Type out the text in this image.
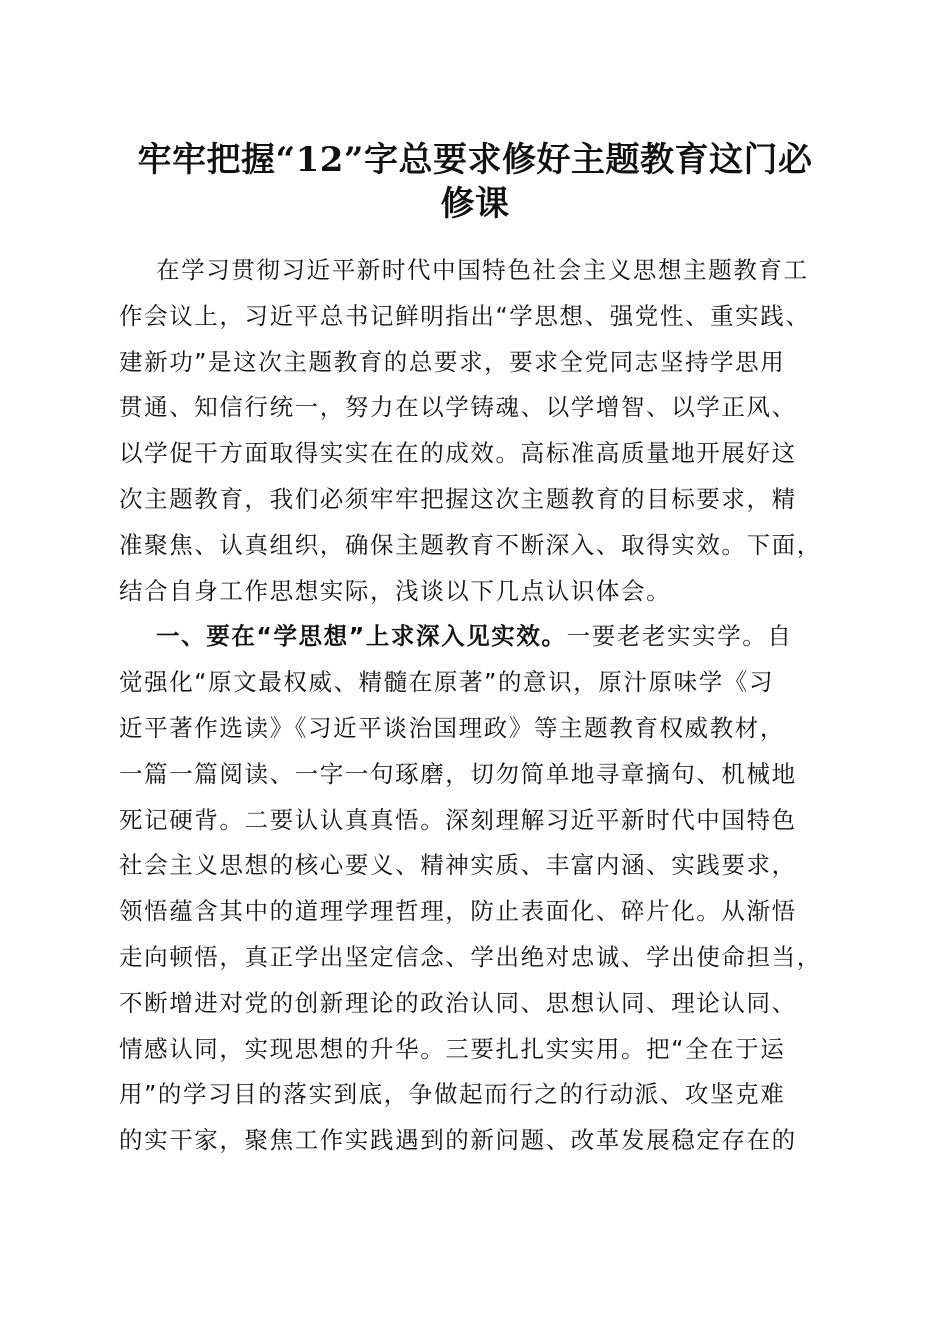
牢牢把握“12”字总要求修好主题教育这门必
修课
在学习贯彻习近平新时代中国特色社会主义思想主题教育工
作会议上，习近平总书记鲜明指出“学思想、强党性、重实践、
建新功”是这次主题教育的总要求，要求全党同志坚持学思用
贯通、知信行统一，努力在以学铸魂、以学增智、以学正风、
以学促干方面取得实实在在的成效。高标准高质量地开展好这
次主题教育，我们必须牢牢把握这次主题教育的目标要求，精
准聚焦、认真组织，确保主题教育不断深入、取得实效。下面，
结合自身工作思想实际，浅谈以下几点认识体会。
一、要在“学思想”上求深入见实效。一要老老实实学。自
觉强化“原文最权威、精髓在原著”的意识，原汁原味学《习
近平著作选读》《习近平谈治国理政》等主题教育权威教材，
一篇一篇阅读、一字一句琢磨，切勿简单地寻章摘句、机械地
死记硬背。二要认认真真悟。深刻理解习近平新时代中国特色
社会主义思想的核心要义、精神实质、丰富内涵、实践要求，
领悟蕴含其中的道理学理哲理，防止表面化、碎片化。从渐悟
走向顿悟，真正学出坚定信念、学出绝对忠诚、学出使命担当，
不断增进对党的创新理论的政治认同、思想认同、理论认同、
情感认同，实现思想的升华。三要扎扎实实用。把“全在于运
用”的学习目的落实到底，争做起而行之的行动派、攻坚克难
的实干家，聚焦工作实践遇到的新问题、改革发展稳定存在的
